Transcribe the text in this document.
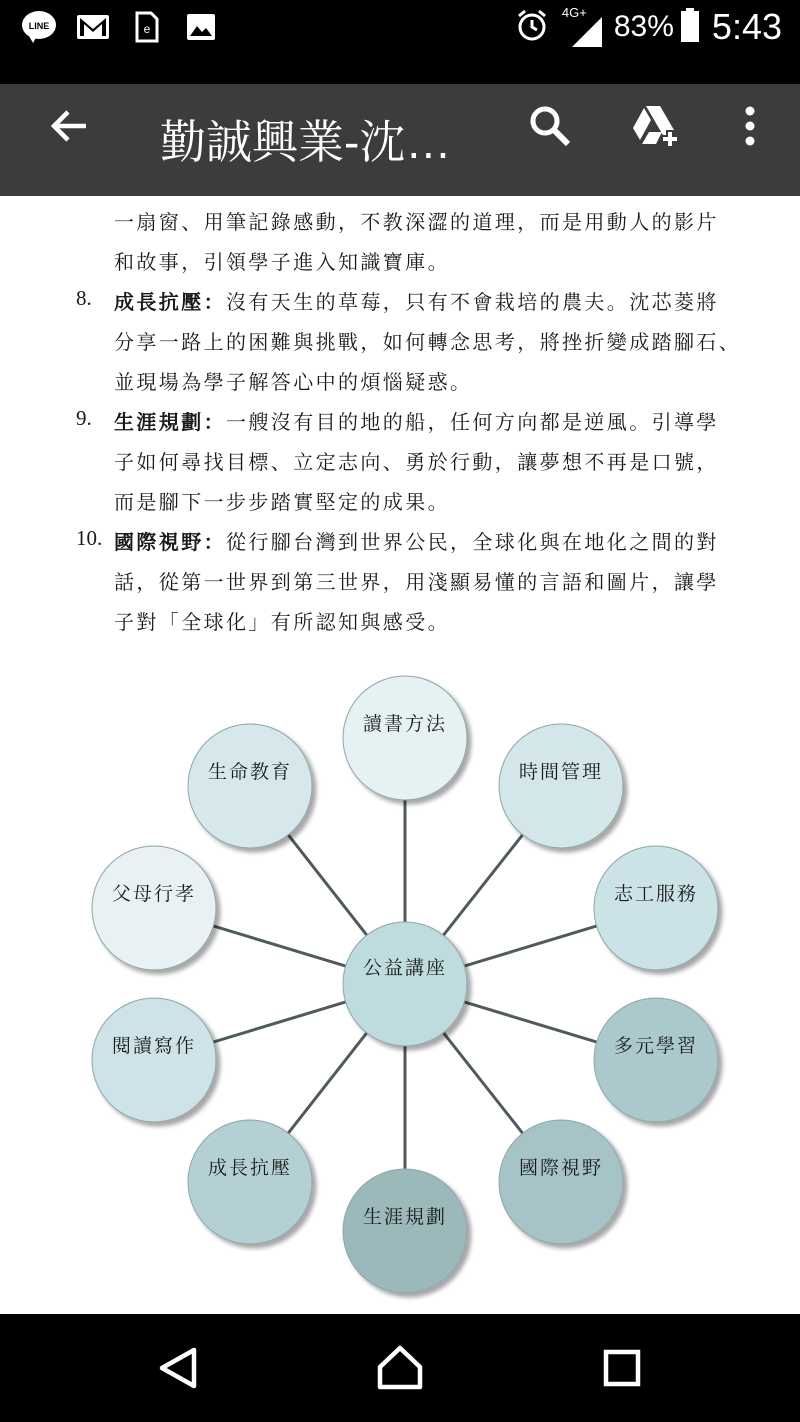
LINE	e
4G+ 83% 5:43
勤誠興業-沈…
一扇窗、用筆記錄感動，不教深澀的道理，而是用動人的影片
和故事，引領學子進入知識寶庫。
8. 成長抗壓：沒有天生的草莓，只有不會栽培的農夫。沈芯菱將
分享一路上的困難與挑戰，如何轉念思考，將挫折變成踏腳石、
並現場為學子解答心中的煩惱疑惑。
9. 生涯規劃：一艘沒有目的地的船，任何方向都是逆風。引導學
子如何尋找目標、立定志向、勇於行動，讓夢想不再是口號，
而是腳下一步步踏實堅定的成果。
10. 國際視野：從行腳台灣到世界公民，全球化與在地化之間的對
話，從第一世界到第三世界，用淺顯易懂的言語和圖片，讓學
子對「全球化」有所認知與感受。
讀書方法
時間管理
志工服務
多元學習
國際視野
生涯規劃
成長抗壓
閱讀寫作
父母行孝
生命教育
公益講座
